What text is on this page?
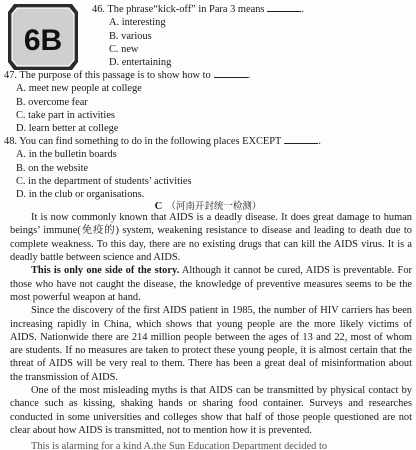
6B
46. The phrase“kick-off” in Para 3 means	.
A. interesting
B. various
C. new
D. entertaining
47. The purpose of this passage is to show how to	.
A. meet new people at college
B. overcome fear
C. take part in activities
D. learn better at college
48. You can find something to do in the following places EXCEPT	.
A. in the bulletin boards
B. on the website
C. in the department of students’ activities
D. in the club or organisations.
C （河南开封统一检测）

It is now commonly known that AIDS is a deadly disease. It does great damage to human beings’ immune(免疫的) system, weakening resistance to disease and leading to death due to complete weakness. To this day, there are no existing drugs that can kill the AIDS virus. It is a deadly battle between science and AIDS.

This is only one side of the story. Although it cannot be cured, AIDS is preventable. For those who have not caught the disease, the knowledge of preventive measures seems to be the most powerful weapon at hand.

Since the discovery of the first AIDS patient in 1985, the number of HIV carriers has been increasing rapidly in China, which shows that young people are the more likely victims of AIDS. Nationwide there are 214 million people between the ages of 13 and 22, most of whom are students. If no measures are taken to protect these young people, it is almost certain that the threat of AIDS will be very real to them. There has been a great deal of misinformation about the transmission of AIDS.

One of the most misleading myths is that AIDS can be transmitted by physical contact by chance such as kissing, shaking hands or sharing food container. Surveys and researches conducted in some universities and colleges show that half of those people questioned are not clear about how AIDS is transmitted, not to mention how it is prevented.

This is alarming for a kind A.the Sun Education Department decided to
